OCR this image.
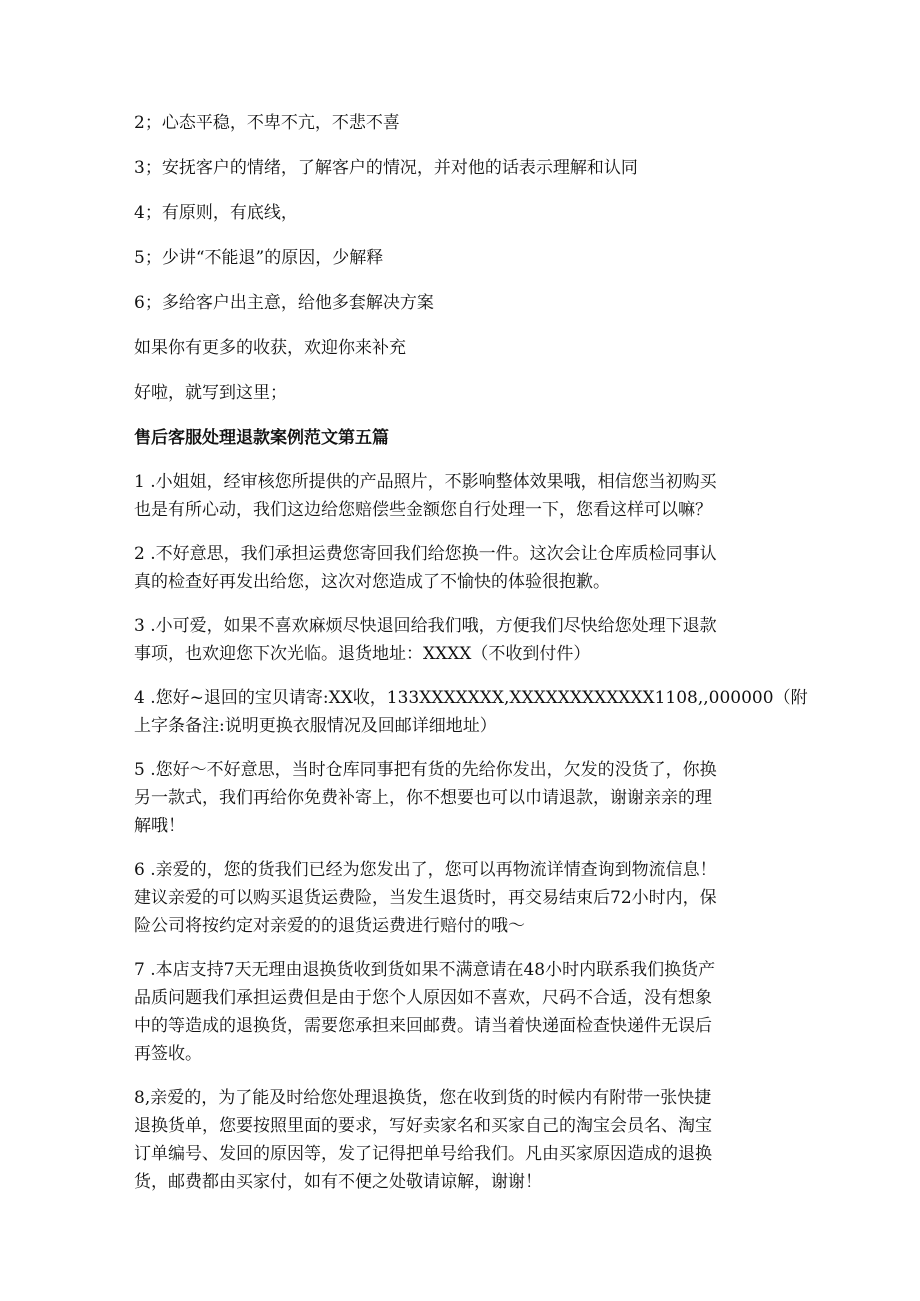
2；心态平稳，不卑不亢，不悲不喜

3；安抚客户的情绪，了解客户的情况，并对他的话表示理解和认同

4；有原则，有底线，

5；少讲“不能退”的原因，少解释

6；多给客户出主意，给他多套解决方案

如果你有更多的收获，欢迎你来补充

好啦，就写到这里；

售后客服处理退款案例范文第五篇
1 .小姐姐，经审核您所提供的产品照片，不影响整体效果哦，相信您当初购买
也是有所心动，我们这边给您赔偿些金额您自行处理一下，您看这样可以嘛？
2 .不好意思，我们承担运费您寄回我们给您换一件。这次会让仓库质检同事认
真的检查好再发出给您，这次对您造成了不愉快的体验很抱歉。
3 .小可爱，如果不喜欢麻烦尽快退回给我们哦，方便我们尽快给您处理下退款
事项，也欢迎您下次光临。退货地址：XXXX（不收到付件）
4 .您好~退回的宝贝请寄:XX收，133XXXXXXX,XXXXXXXXXXXX1108,,000000（附
上字条备注:说明更换衣服情况及回邮详细地址）
5 .您好～不好意思，当时仓库同事把有货的先给你发出，欠发的没货了，你换
另一款式，我们再给你免费补寄上，你不想要也可以巾请退款，谢谢亲亲的理
解哦！
6 .亲爱的，您的货我们已经为您发出了，您可以再物流详情查询到物流信息！
建议亲爱的可以购买退货运费险，当发生退货时，再交易结束后72小时内，保
险公司将按约定对亲爱的的退货运费进行赔付的哦～
7 .本店支持7天无理由退换货收到货如果不满意请在48小时内联系我们换货产
品质问题我们承担运费但是由于您个人原因如不喜欢，尺码不合适，没有想象
中的等造成的退换货，需要您承担来回邮费。请当着快递面检查快递件无误后
再签收。
8,亲爱的，为了能及时给您处理退换货，您在收到货的时候内有附带一张快捷
退换货单，您要按照里面的要求，写好卖家名和买家自己的淘宝会员名、淘宝
订单编号、发回的原因等，发了记得把单号给我们。凡由买家原因造成的退换
货，邮费都由买家付，如有不便之处敬请谅解，谢谢！
